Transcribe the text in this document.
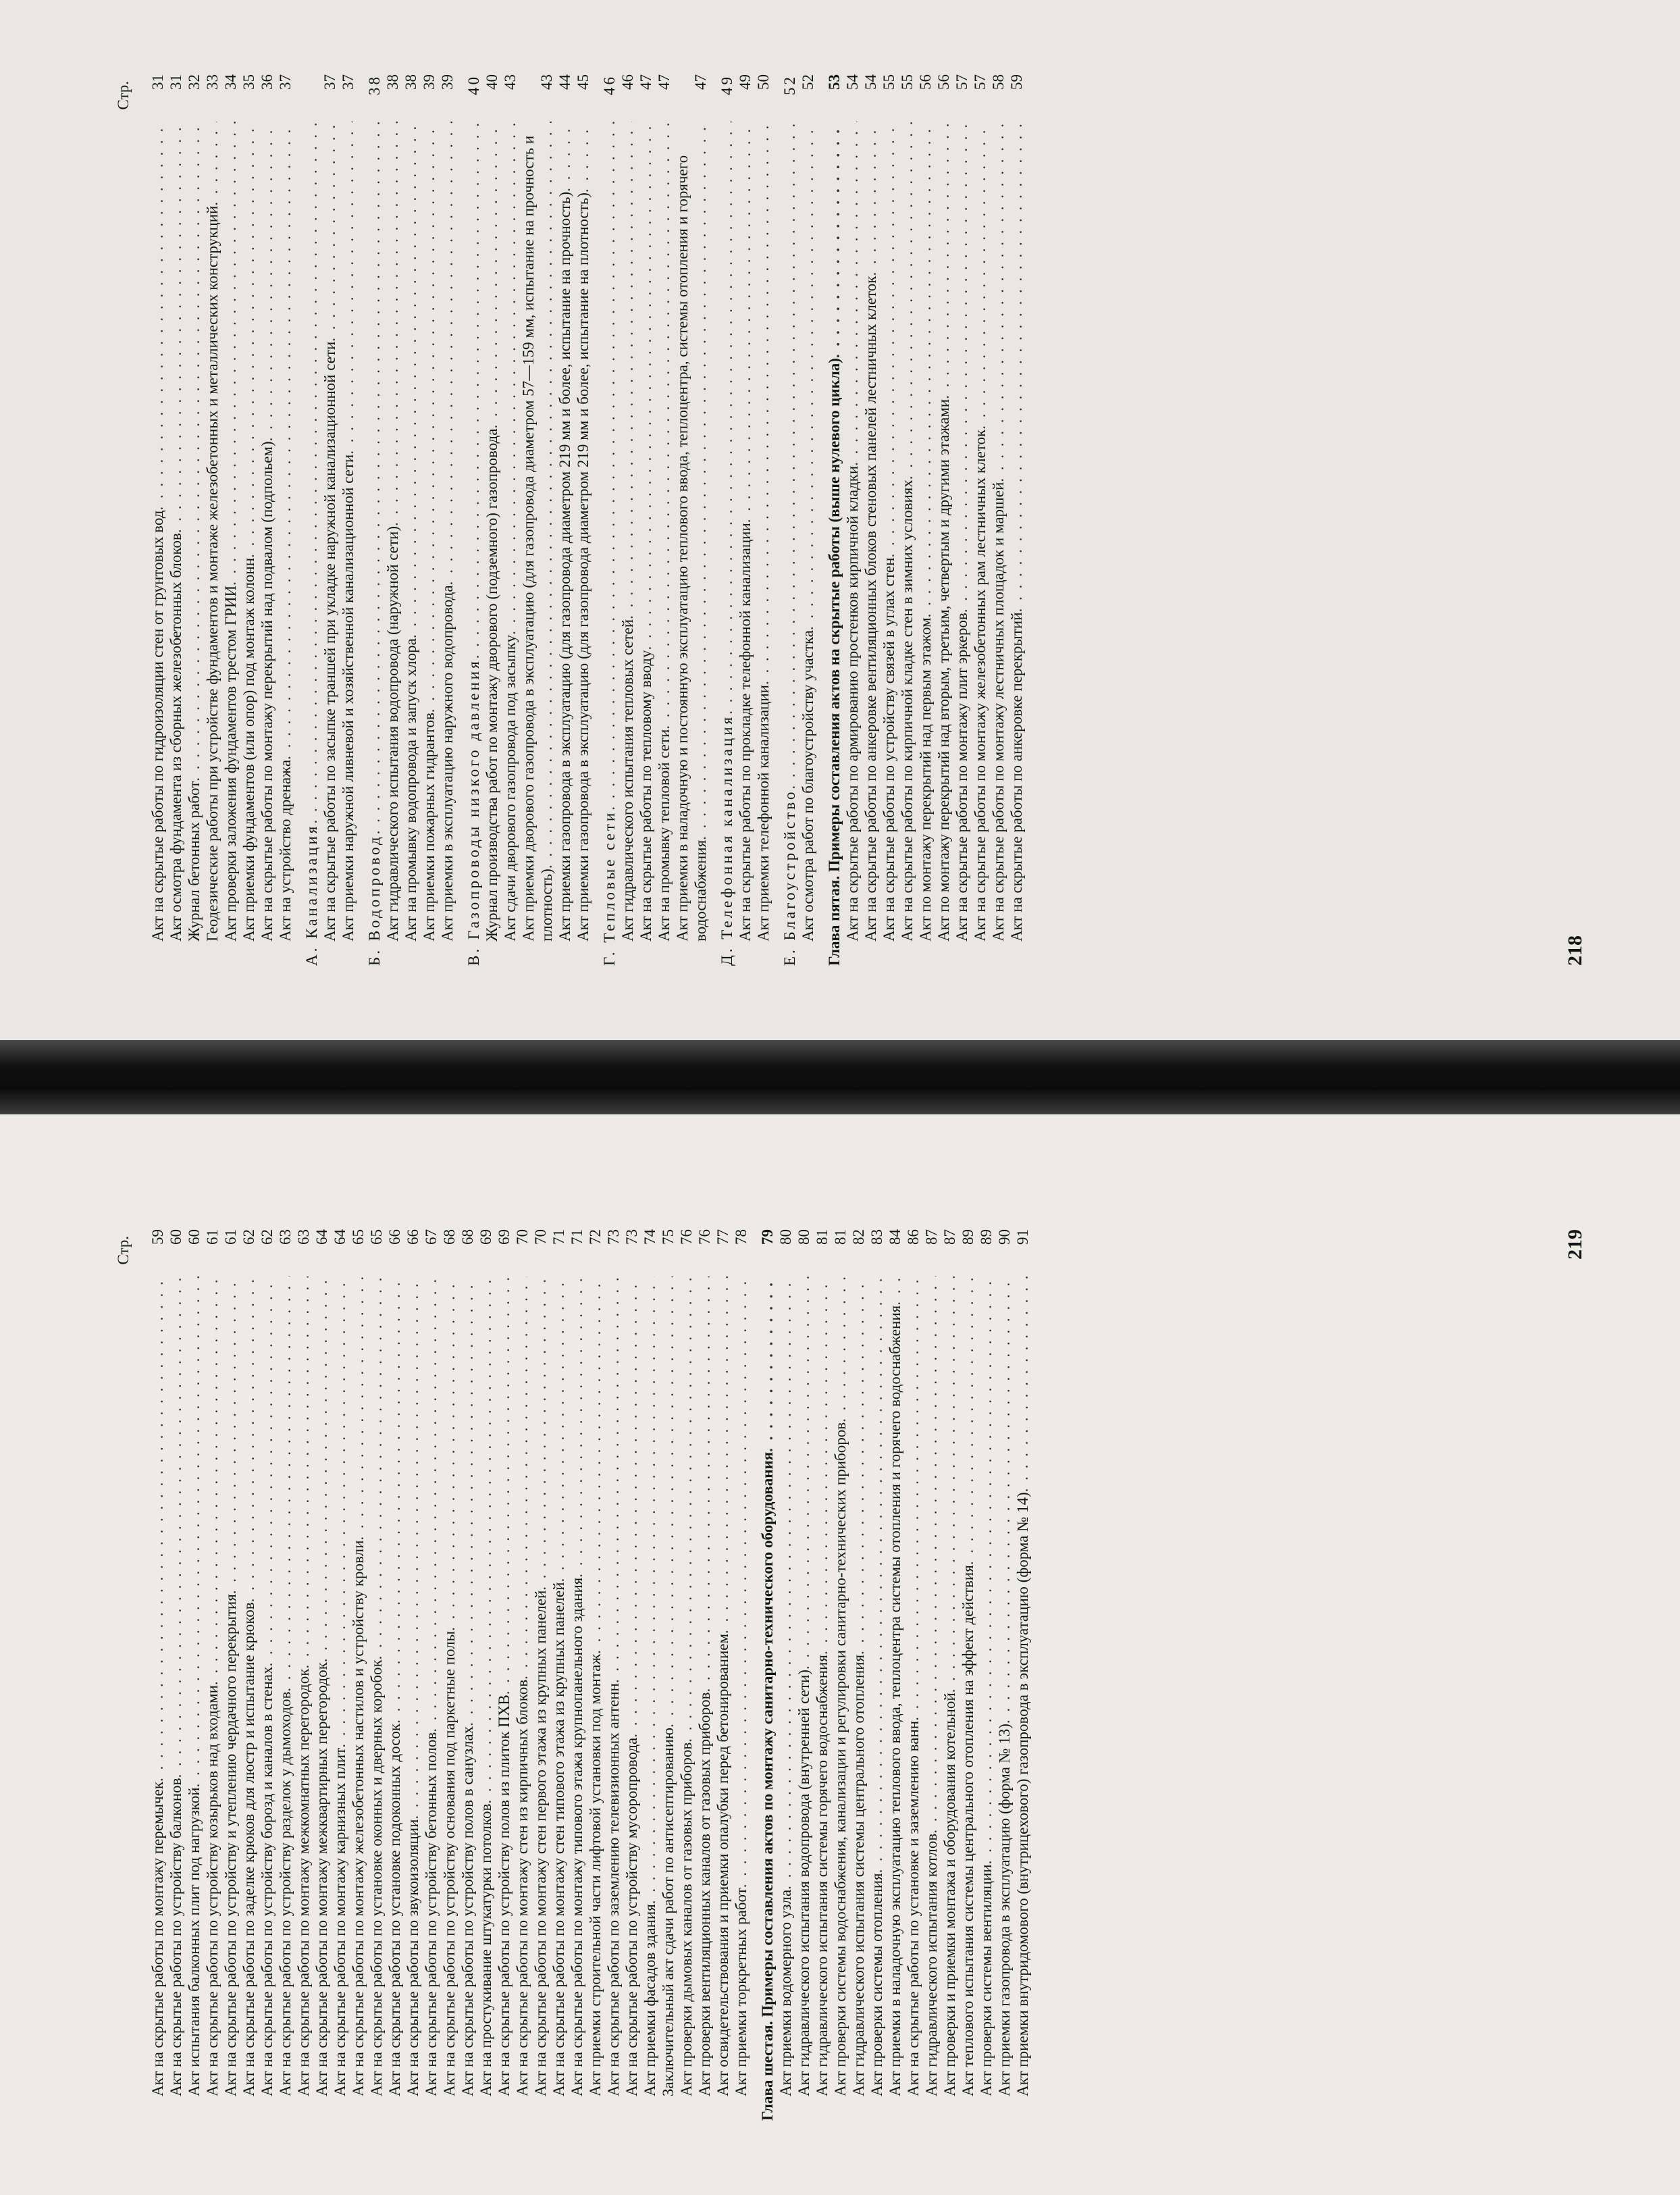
Стр.
Акт на скрытые работы по гидроизоляции стен от грунтовых вод . . .
31
Акт осмотра фундамента из сборных железобетонных блоков . . .
31
Журнал бетонных работ . . .
32
Геодезические работы при устройстве фундаментов и монтаже железобетонных и металлических конструкций . . .
33
Акт проверки заложения фундаментов трестом ГРИИ . . .
34
Акт приемки фундаментов (или опор) под монтаж колонн . . .
35
Акт на скрытые работы по монтажу перекрытий над подвалом (подпольем) . . .
36
Акт на устройство дренажа . . .
37
А. Канализация . . . Акт на скрытые работы по засыпке траншей при укладке наружной канализационной сети . . .
37
Акт приемки наружной ливневой и хозяйственной канализационной сети . . .
37
Б. Водопровод . . .
38
Акт гидравлического испытания водопровода (наружной сети) . . .
38
Акт на промывку водопровода и запуск хлора . . .
38
Акт приемки пожарных гидрантов . . .
39
Акт приемки в эксплуатацию наружного водопровода . . .
39
В. Газопроводы низкого давления . . .
40
Журнал производства работ по монтажу дворового (подземного) газопровода . . .
40
Акт сдачи дворового газопровода под засыпку . . .
43
Акт приемки дворового газопровода в эксплуатацию (для газопровода диаметром 57—159 мм, испытание на прочность и плотность) . . .
43
Акт приемки газопровода в эксплуатацию (для газопровода диаметром 219 мм и более, испытание на прочность) . . .
44
Акт приемки газопровода в эксплуатацию (для газопровода диаметром 219 мм и более, испытание на плотность) . . .
45
Г. Тепловые сети . . .
46
Акт гидравлического испытания тепловых сетей . . .
46
Акт на скрытые работы по тепловому вводу . . .
47
Акт на промывку тепловой сети . . .
47
Акт приемки в наладочную и постоянную эксплуатацию теплового ввода, теплоцентра, системы отопления и горячего водоснабжения . . .
47
Д. Телефонная канализация . . .
49
Акт на скрытые работы по прокладке телефонной канализации . . .
49
Акт приемки телефонной канализации . . .
50
Е. Благоустройство . . .
52
Акт осмотра работ по благоустройству участка . . .
52
Глава пятая. Примеры составления актов на скрытые работы (выше нулевого цикла) . . .
53
Акт на скрытые работы по армированию простенков кирпичной кладки . . .
54
Акт на скрытые работы по анкеровке вентиляционных блоков стеновых панелей лестничных клеток . . .
54
Акт на скрытые работы по устройству связей в углах стен . . .
55
Акт на скрытые работы по кирпичной кладке стен в зимних условиях . . .
55
Акт по монтажу перекрытий над первым этажом . . .
56
Акт по монтажу перекрытий над вторым, третьим, четвертым и другими этажами . . .
56
Акт на скрытые работы по монтажу плит эркеров . . .
57
Акт на скрытые работы по монтажу железобетонных рам лестничных клеток . . .
57
Акт на скрытые работы по монтажу лестничных площадок и маршей . . .
58
Акт на скрытые работы по анкеровке перекрытий . . .
59
218
Стр.
Акт на скрытые работы по монтажу перемычек . . .
59
Акт на скрытые работы по устройству балконов . . .
60
Акт испытания балконных плит под нагрузкой . . .
60
Акт на скрытые работы по устройству козырьков над входами . . .
61
Акт на скрытые работы по устройству и утеплению чердачного перекрытия . . .
61
Акт на скрытые работы по заделке крюков для люстр и испытание крюков . . .
62
Акт на скрытые работы по устройству борозд и каналов в стенах . . .
62
Акт на скрытые работы по устройству разделок у дымоходов . . .
63
Акт на скрытые работы по монтажу межкомнатных перегородок . . .
63
Акт на скрытые работы по монтажу межквартирных перегородок . . .
64
Акт на скрытые работы по монтажу карнизных плит . . .
64
Акт на скрытые работы по монтажу железобетонных настилов и устройству кровли . . .
65
Акт на скрытые работы по установке оконных и дверных коробок . . .
65
Акт на скрытые работы по установке подоконных досок . . .
66
Акт на скрытые работы по звукоизоляции . . .
66
Акт на скрытые работы по устройству бетонных полов . . .
67
Акт на скрытые работы по устройству основания под паркетные полы . . .
68
Акт на скрытые работы по устройству полов в санузлах . . .
68
Акт на простукивание штукатурки потолков . . .
69
Акт на скрытые работы по устройству полов из плиток ПХВ . . .
69
Акт на скрытые работы по монтажу стен из кирпичных блоков . . .
70
Акт на скрытые работы по монтажу стен первого этажа из крупных панелей . . .
70
Акт на скрытые работы по монтажу стен типового этажа из крупных панелей . . .
71
Акт на скрытые работы по монтажу типового этажа крупнопанельного здания . . .
71
Акт приемки строительной части лифтовой установки под монтаж . . .
72
Акт на скрытые работы по заземлению телевизионных антенн . . .
73
Акт на скрытые работы по устройству мусоропровода . . .
73
Акт приемки фасадов здания . . .
74
Заключительный акт сдачи работ по антисептированию . . .
75
Акт проверки дымовых каналов от газовых приборов . . .
76
Акт проверки вентиляционных каналов от газовых приборов . . .
76
Акт освидетельствования и приемки опалубки перед бетонированием . . .
77
Акт приемки торкретных работ . . .
78
Глава шестая. Примеры составления актов по монтажу санитарно-технического оборудования . . .
79
Акт приемки водомерного узла . . .
80
Акт гидравлического испытания водопровода (внутренней сети) . . .
80
Акт гидравлического испытания системы горячего водоснабжения . . .
81
Акт проверки системы водоснабжения, канализации и регулировки санитарно-технических приборов . . .
81
Акт гидравлического испытания системы центрального отопления . . .
82
Акт проверки системы отопления . . .
83
Акт приемки в наладочную эксплуатацию теплового ввода, теплоцентра системы отопления и горячего водоснабжения . . .
84
Акт на скрытые работы по установке и заземлению ванн . . .
86
Акт гидравлического испытания котлов . . .
87
Акт проверки и приемки монтажа и оборудования котельной . . .
87
Акт теплового испытания системы центрального отопления на эффект действия . . .
89
Акт проверки системы вентиляции . . .
89
Акт приемки газопровода в эксплуатацию (форма № 13) . . .
90
Акт приемки внутридомового (внутрицехового) газопровода в эксплуатацию (форма № 14) . . .
91	219
